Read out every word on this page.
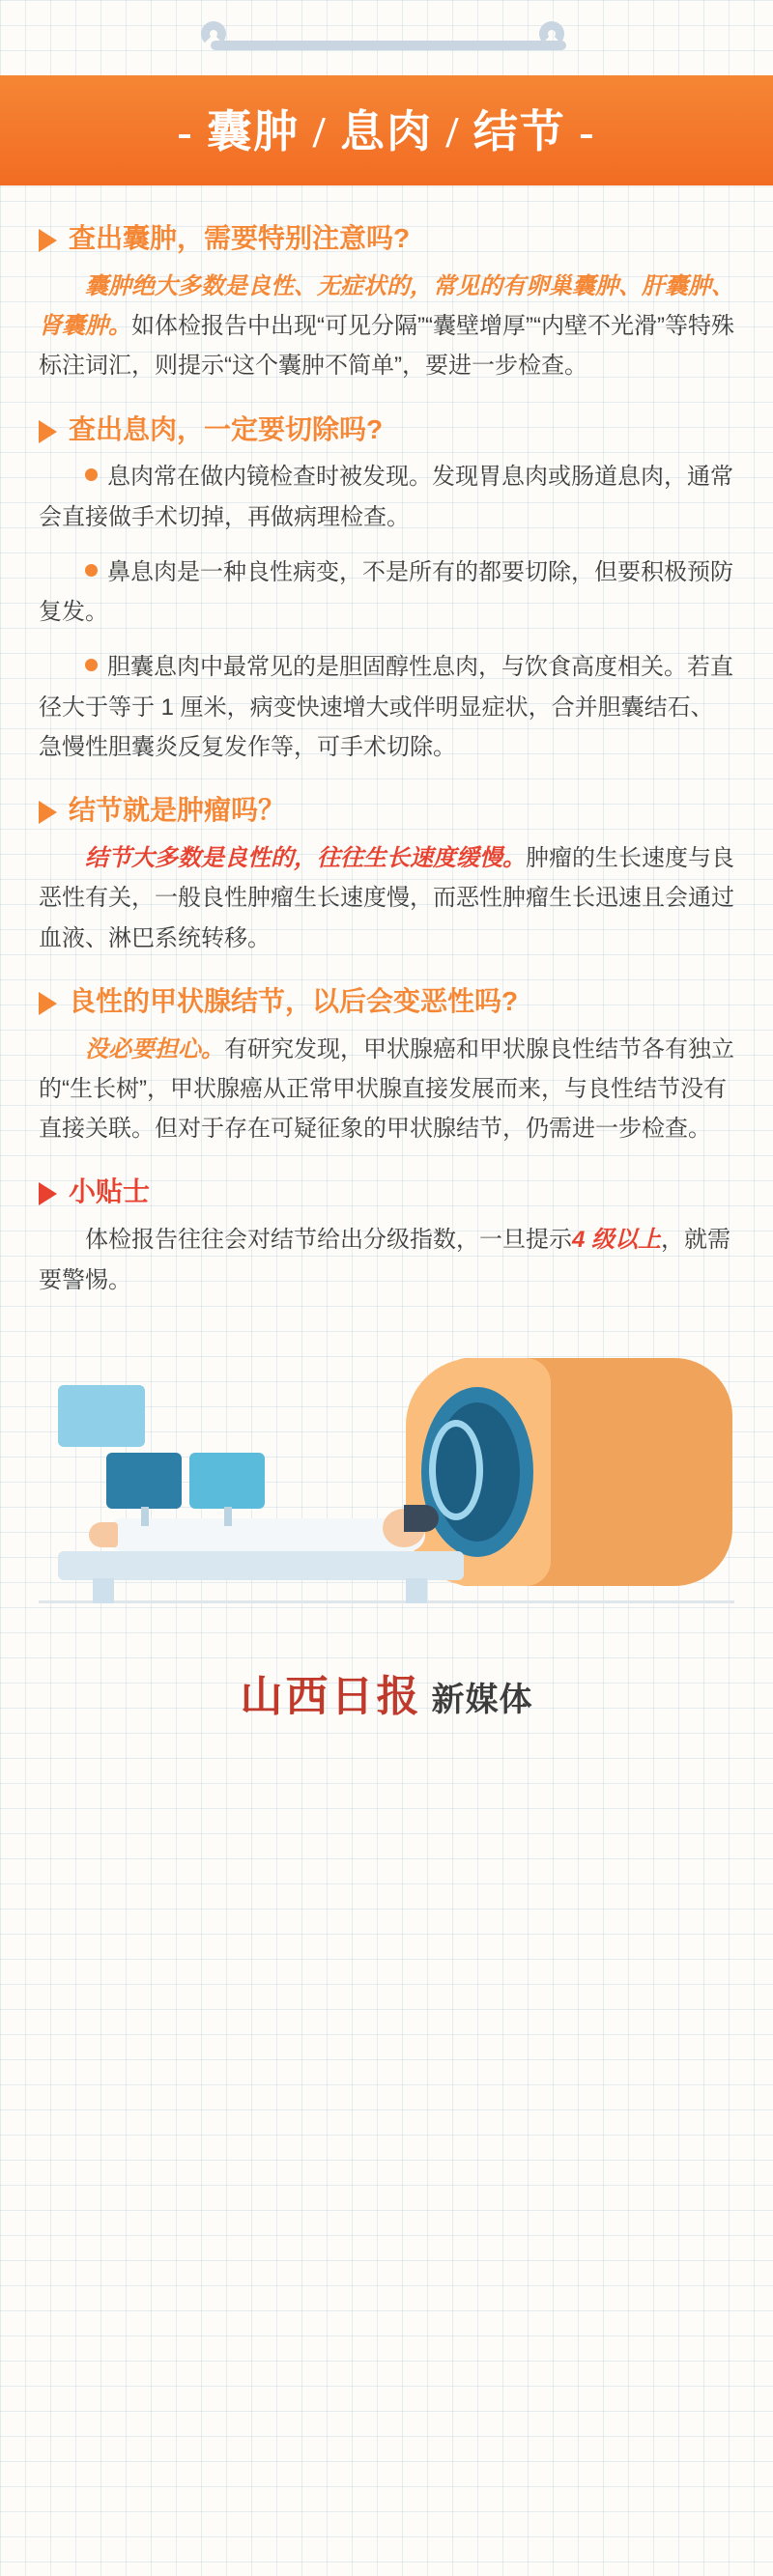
- 囊肿 / 息肉 / 结节 -
查出囊肿，需要特别注意吗?

囊肿绝大多数是良性、无症状的，常见的有卵巢囊肿、肝囊肿、肾囊肿。如体检报告中出现“可见分隔”“囊壁增厚”“内壁不光滑”等特殊标注词汇，则提示“这个囊肿不简单”，要进一步检查。

查出息肉，一定要切除吗?

息肉常在做内镜检查时被发现。发现胃息肉或肠道息肉，通常会直接做手术切掉，再做病理检查。

鼻息肉是一种良性病变，不是所有的都要切除，但要积极预防复发。

胆囊息肉中最常见的是胆固醇性息肉，与饮食高度相关。若直径大于等于 1 厘米，病变快速增大或伴明显症状，合并胆囊结石、急慢性胆囊炎反复发作等，可手术切除。

结节就是肿瘤吗？

结节大多数是良性的，往往生长速度缓慢。肿瘤的生长速度与良恶性有关，一般良性肿瘤生长速度慢，而恶性肿瘤生长迅速且会通过血液、淋巴系统转移。

良性的甲状腺结节，以后会变恶性吗?

没必要担心。有研究发现，甲状腺癌和甲状腺良性结节各有独立的“生长树”，甲状腺癌从正常甲状腺直接发展而来，与良性结节没有直接关联。但对于存在可疑征象的甲状腺结节，仍需进一步检查。

小贴士

体检报告往往会对结节给出分级指数，一旦提示4 级以上，就需要警惕。

山西日报 新媒体
